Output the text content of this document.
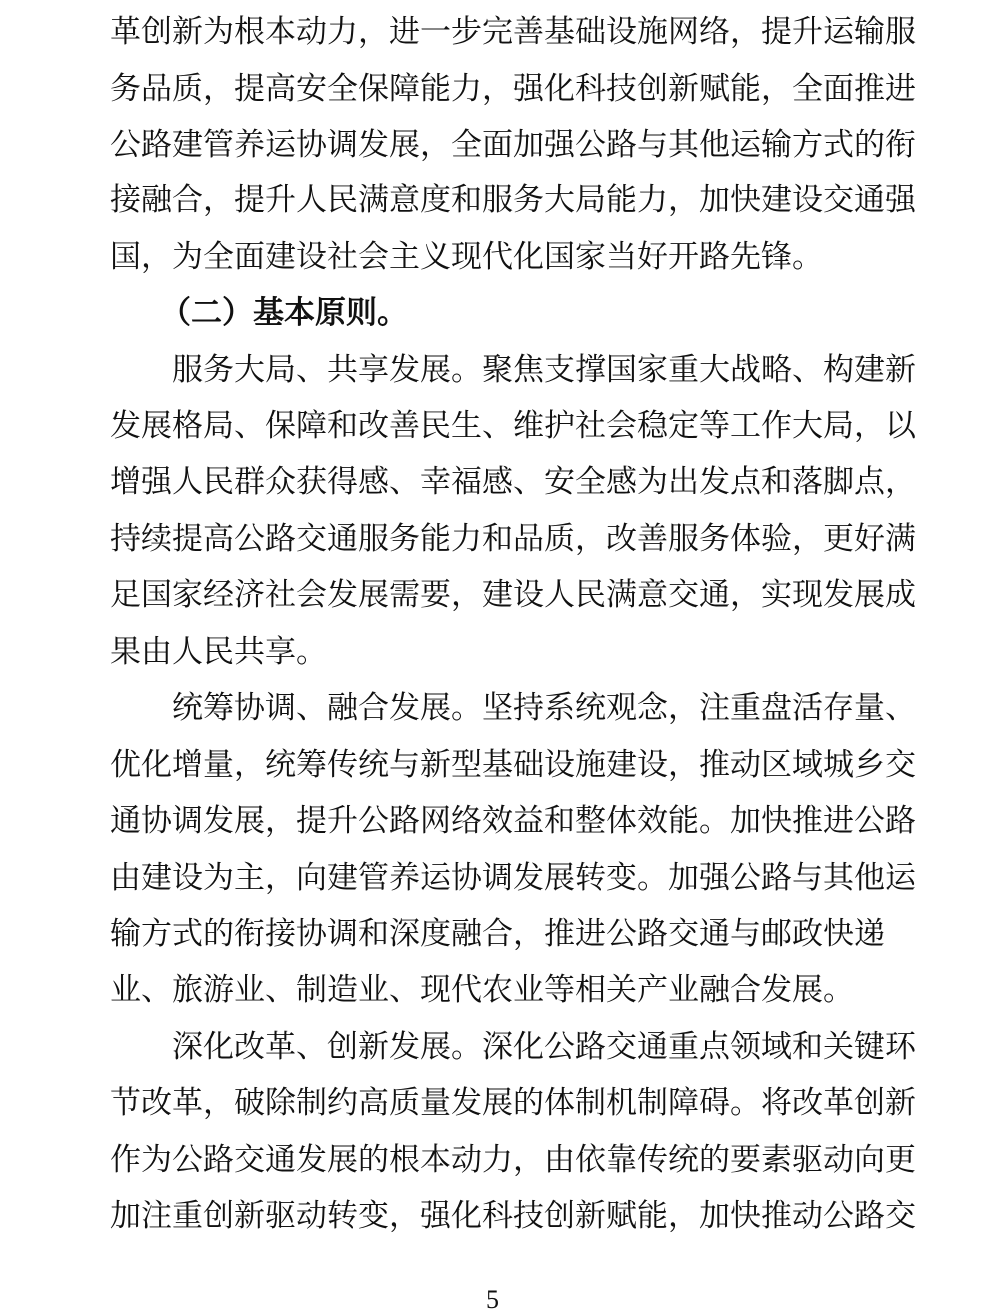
革创新为根本动力，进一步完善基础设施网络，提升运输服
务品质，提高安全保障能力，强化科技创新赋能，全面推进
公路建管养运协调发展，全面加强公路与其他运输方式的衔
接融合，提升人民满意度和服务大局能力，加快建设交通强
国，为全面建设社会主义现代化国家当好开路先锋。
（二）基本原则。
服务大局、共享发展。聚焦支撑国家重大战略、构建新
发展格局、保障和改善民生、维护社会稳定等工作大局，以
增强人民群众获得感、幸福感、安全感为出发点和落脚点，
持续提高公路交通服务能力和品质，改善服务体验，更好满
足国家经济社会发展需要，建设人民满意交通，实现发展成
果由人民共享。
统筹协调、融合发展。坚持系统观念，注重盘活存量、
优化增量，统筹传统与新型基础设施建设，推动区域城乡交
通协调发展，提升公路网络效益和整体效能。加快推进公路
由建设为主，向建管养运协调发展转变。加强公路与其他运
输方式的衔接协调和深度融合，推进公路交通与邮政快递
业、旅游业、制造业、现代农业等相关产业融合发展。
深化改革、创新发展。深化公路交通重点领域和关键环
节改革，破除制约高质量发展的体制机制障碍。将改革创新
作为公路交通发展的根本动力，由依靠传统的要素驱动向更
加注重创新驱动转变，强化科技创新赋能，加快推动公路交
5
